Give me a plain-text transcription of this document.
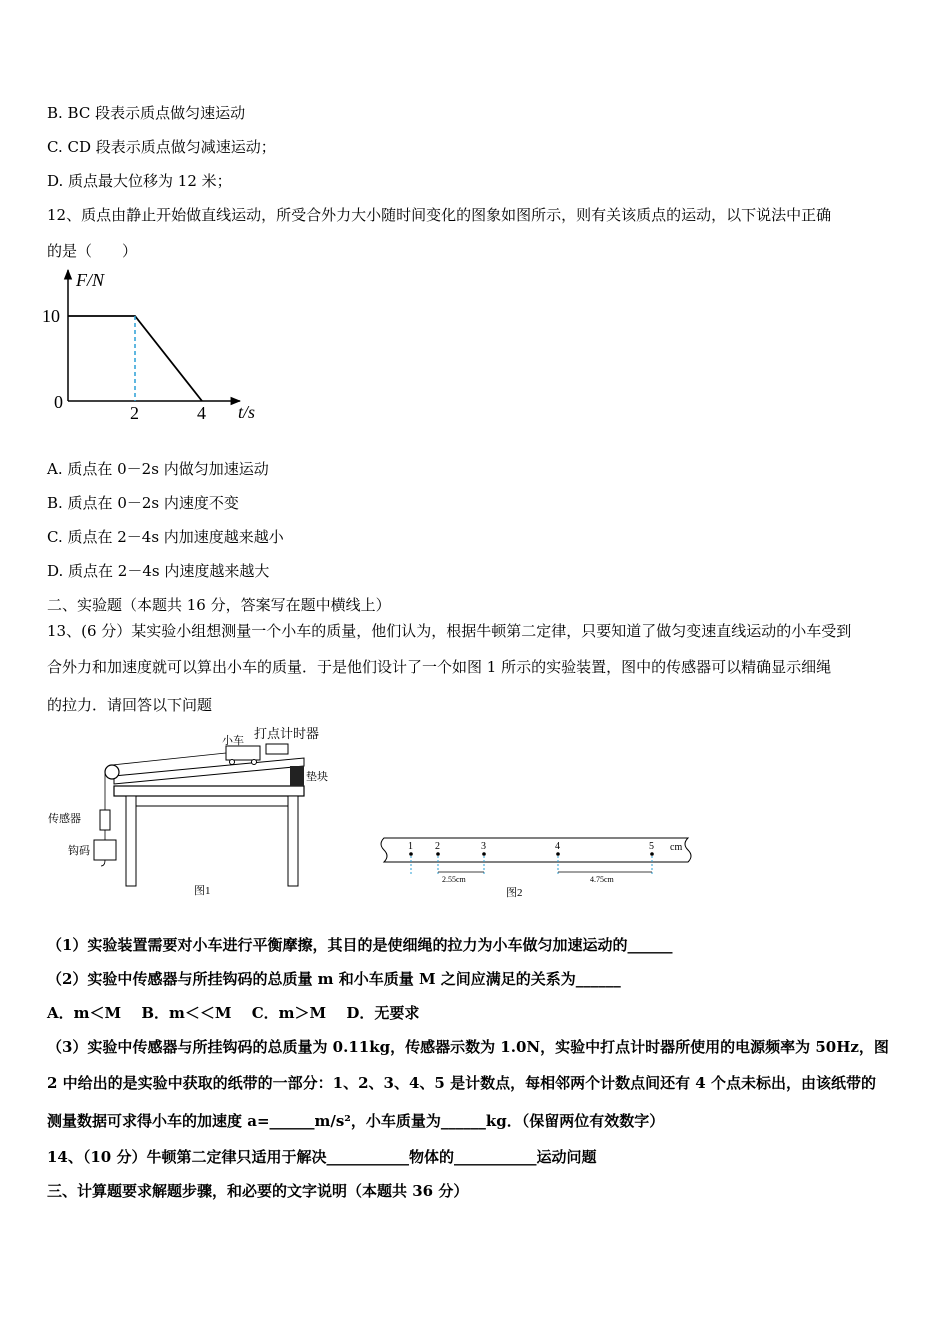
B. BC 段表示质点做匀速运动
C. CD 段表示质点做匀减速运动；
D. 质点最大位移为 12 米；
12、质点由静止开始做直线运动，所受合外力大小随时间变化的图象如图所示，则有关该质点的运动，以下说法中正确
的是（　　）
F/N
t/s
0
2	4
10
A. 质点在 0－2s 内做匀加速运动
B. 质点在 0－2s 内速度不变
C. 质点在 2－4s 内加速度越来越小
D. 质点在 2－4s 内速度越来越大
二、实验题（本题共 16 分，答案写在题中横线上）
13、(6 分）某实验小组想测量一个小车的质量，他们认为，根据牛顿第二定律，只要知道了做匀变速直线运动的小车受到
合外力和加速度就可以算出小车的质量．于是他们设计了一个如图 1 所示的实验装置，图中的传感器可以精确显示细绳
的拉力．请回答以下问题
打点计时器
小车
垫块
传感器
钩码
图1
1 2	3	4	5 cm
2.55cm	4.75cm
图2
（1）实验装置需要对小车进行平衡摩擦，其目的是使细绳的拉力为小车做匀加速运动的______
（2）实验中传感器与所挂钩码的总质量 m 和小车质量 M 之间应满足的关系为______
A．m＜M　 B．m＜＜M　 C．m＞M　 D．无要求
（3）实验中传感器与所挂钩码的总质量为 0.11kg，传感器示数为 1.0N，实验中打点计时器所使用的电源频率为 50Hz，图
2 中给出的是实验中获取的纸带的一部分：1、2、3、4、5 是计数点，每相邻两个计数点间还有 4 个点未标出，由该纸带的
测量数据可求得小车的加速度 a=______m/s²，小车质量为______kg．（保留两位有效数字）
14、（10 分）牛顿第二定律只适用于解决___________物体的___________运动问题
三、计算题要求解题步骤，和必要的文字说明（本题共 36 分）
